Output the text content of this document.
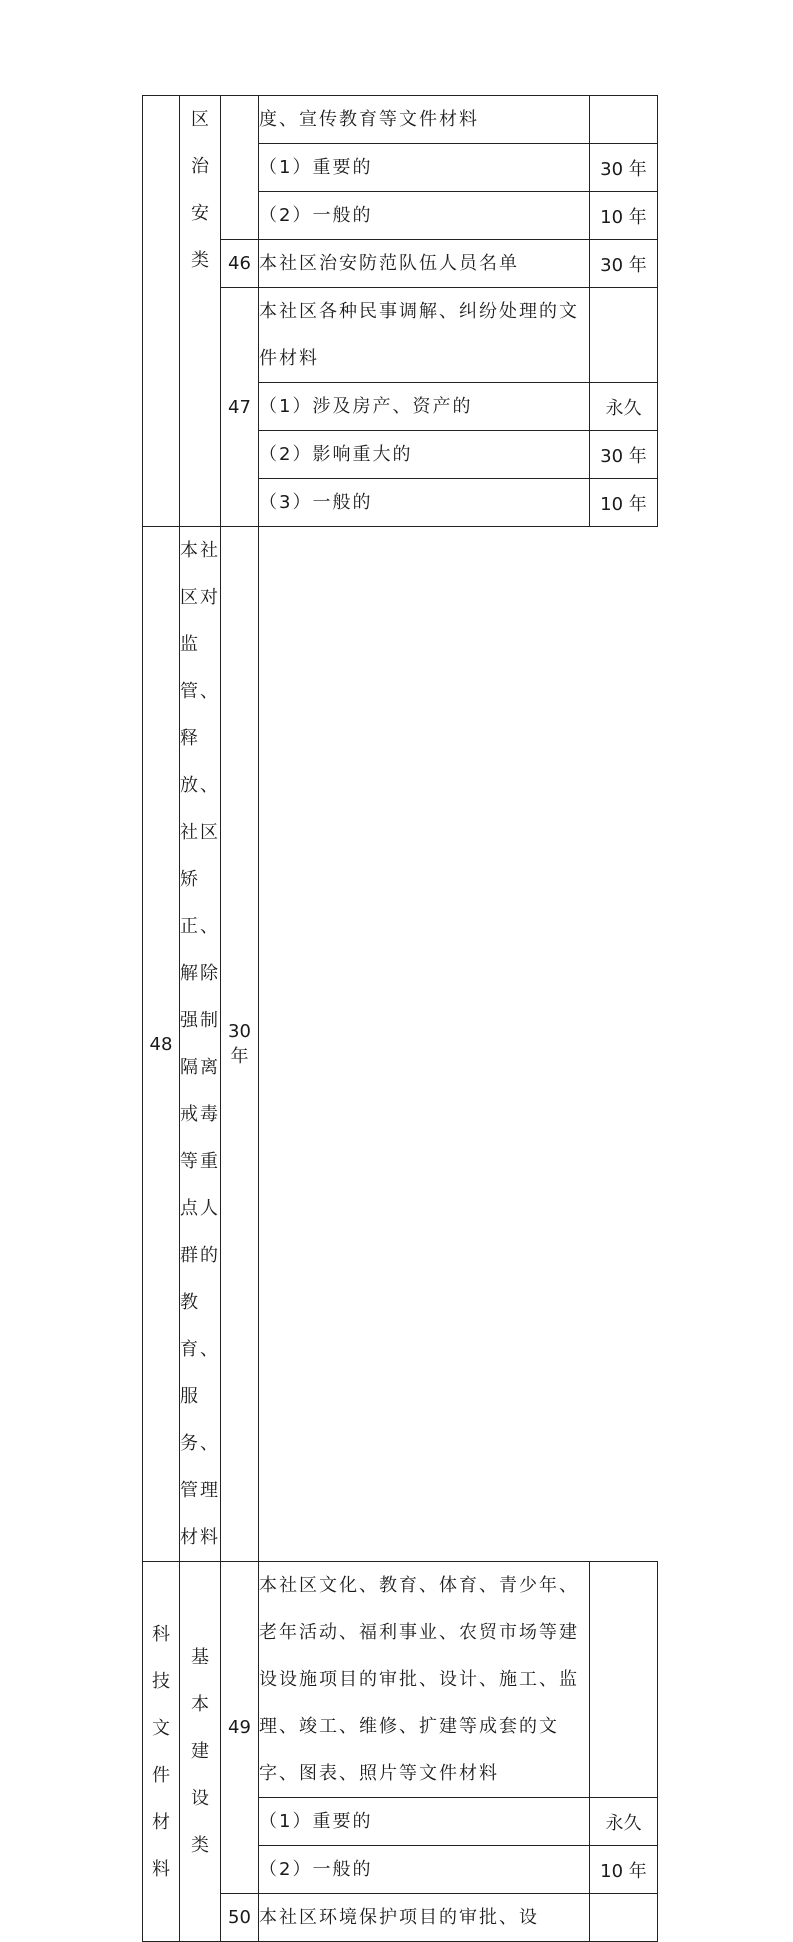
	区治安类		度、宣传教育等文件材料	
			（1）重要的	30 年
			（2）一般的	10 年
		46	本社区治安防范队伍人员名单	30 年
		47	本社区各种民事调解、纠纷处理的文件材料	
			（1）涉及房产、资产的	永久
			（2）影响重大的	30 年
			（3）一般的	10 年
48	本社区对监管、释放、社区矫正、解除强制隔离戒毒等重点人群的教育、服务、管理材料	30 年		
科技文件材料	基本建设类	49	本社区文化、教育、体育、青少年、老年活动、福利事业、农贸市场等建设设施项目的审批、设计、施工、监理、竣工、维修、扩建等成套的文字、图表、照片等文件材料	
			（1）重要的	永久
			（2）一般的	10 年
		50	本社区环境保护项目的审批、设	
